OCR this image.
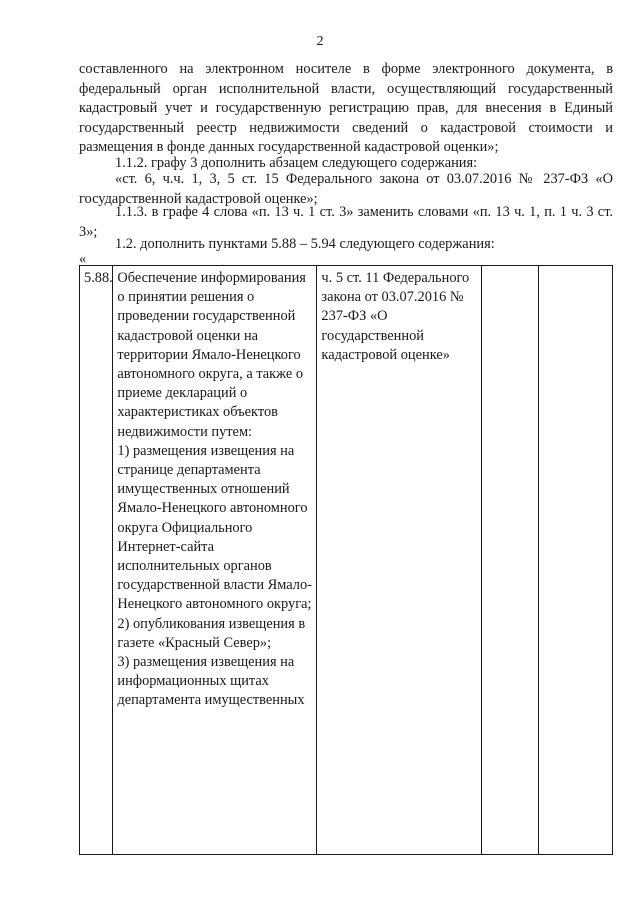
2

составленного на электронном носителе в форме электронного документа, в федеральный орган исполнительной власти, осуществляющий государственный кадастровый учет и государственную регистрацию прав, для внесения в Единый государственный реестр недвижимости сведений о кадастровой стоимости и размещения в фонде данных государственной кадастровой оценки»;

1.1.2. графу 3 дополнить абзацем следующего содержания:

«ст. 6, ч.ч. 1, 3, 5 ст. 15 Федерального закона от 03.07.2016 № 237-ФЗ «О государственной кадастровой оценке»;

1.1.3. в графе 4 слова «п. 13 ч. 1 ст. 3» заменить словами «п. 13 ч. 1, п. 1 ч. 3 ст. 3»;

1.2. дополнить пунктами 5.88 – 5.94 следующего содержания:

«
5.88.	Обеспечение информирования о принятии решения о проведении государственной кадастровой оценки на территории Ямало-Ненецкого автономного округа, а также о приеме деклараций о характеристиках объектов недвижимости путем:
1) размещения извещения на странице департамента имущественных отношений Ямало-Ненецкого автономного округа Официального Интернет-сайта исполнительных органов государственной власти Ямало-Ненецкого автономного округа;
2) опубликования извещения в газете «Красный Север»;
3) размещения извещения на информационных щитах департамента имущественных	ч. 5 ст. 11 Федерального закона от 03.07.2016 № 237-ФЗ «О государственной кадастровой оценке»		
